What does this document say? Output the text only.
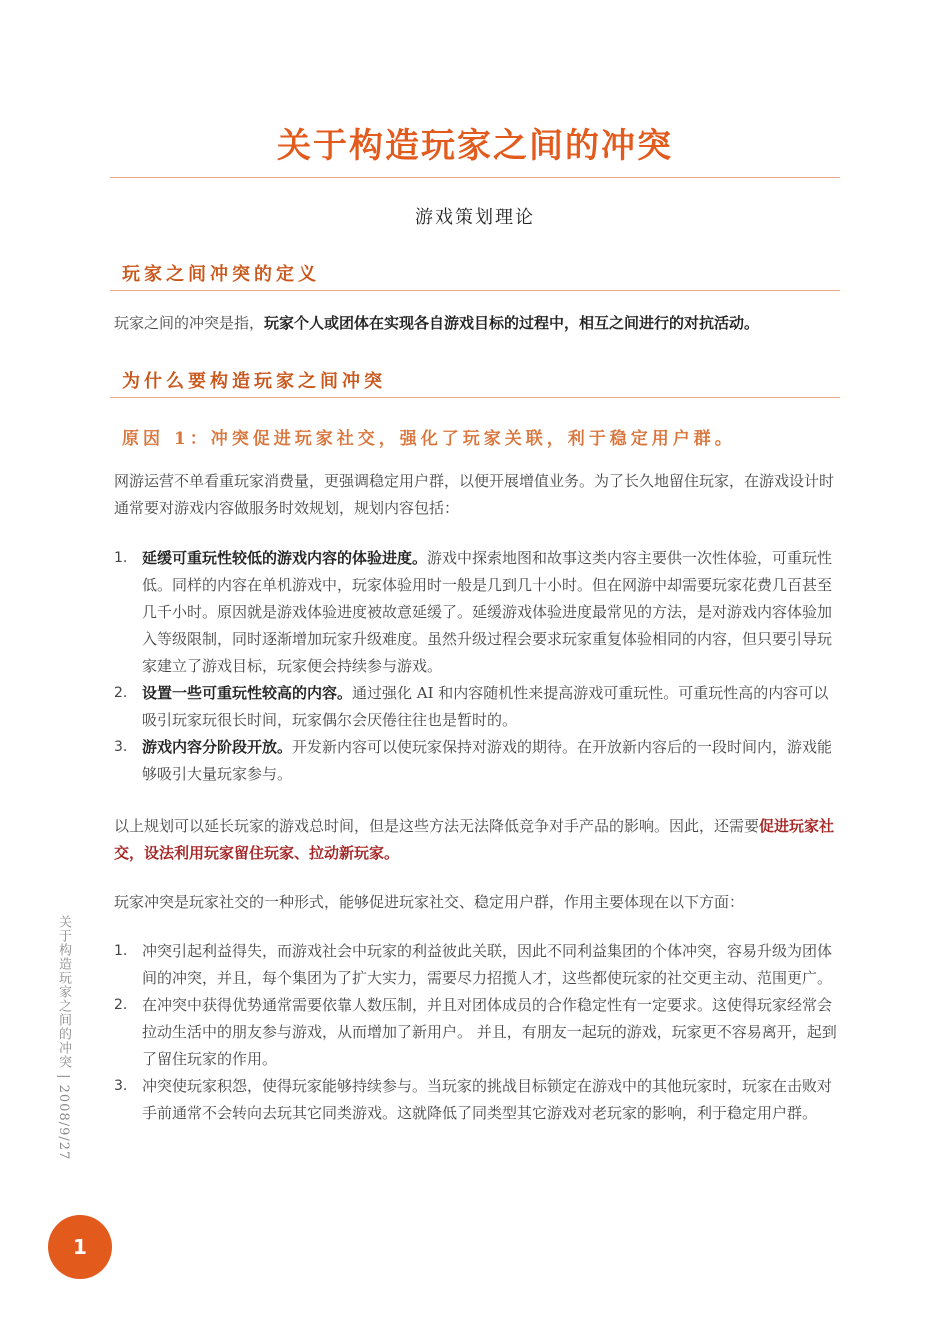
关于构造玩家之间的冲突
游戏策划理论
玩家之间冲突的定义

玩家之间的冲突是指，玩家个人或团体在实现各自游戏目标的过程中，相互之间进行的对抗活动。

为什么要构造玩家之间冲突
原因 1：冲突促进玩家社交，强化了玩家关联，利于稳定用户群。

网游运营不单看重玩家消费量，更强调稳定用户群，以便开展增值业务。为了长久地留住玩家，在游戏设计时通常要对游戏内容做服务时效规划，规划内容包括：

1. 延缓可重玩性较低的游戏内容的体验进度。游戏中探索地图和故事这类内容主要供一次性体验，可重玩性低。同样的内容在单机游戏中，玩家体验用时一般是几到几十小时。但在网游中却需要玩家花费几百甚至几千小时。原因就是游戏体验进度被故意延缓了。延缓游戏体验进度最常见的方法，是对游戏内容体验加入等级限制，同时逐渐增加玩家升级难度。虽然升级过程会要求玩家重复体验相同的内容，但只要引导玩家建立了游戏目标，玩家便会持续参与游戏。
2. 设置一些可重玩性较高的内容。通过强化 AI 和内容随机性来提高游戏可重玩性。可重玩性高的内容可以吸引玩家玩很长时间，玩家偶尔会厌倦往往也是暂时的。
3. 游戏内容分阶段开放。开发新内容可以使玩家保持对游戏的期待。在开放新内容后的一段时间内，游戏能够吸引大量玩家参与。

以上规划可以延长玩家的游戏总时间，但是这些方法无法降低竞争对手产品的影响。因此，还需要促进玩家社交，设法利用玩家留住玩家、拉动新玩家。

玩家冲突是玩家社交的一种形式，能够促进玩家社交、稳定用户群，作用主要体现在以下方面：

1. 冲突引起利益得失，而游戏社会中玩家的利益彼此关联，因此不同利益集团的个体冲突，容易升级为团体间的冲突，并且，每个集团为了扩大实力，需要尽力招揽人才，这些都使玩家的社交更主动、范围更广。
2. 在冲突中获得优势通常需要依靠人数压制，并且对团体成员的合作稳定性有一定要求。这使得玩家经常会拉动生活中的朋友参与游戏，从而增加了新用户。 并且，有朋友一起玩的游戏，玩家更不容易离开，起到了留住玩家的作用。
3. 冲突使玩家积怨，使得玩家能够持续参与。当玩家的挑战目标锁定在游戏中的其他玩家时，玩家在击败对手前通常不会转向去玩其它同类游戏。这就降低了同类型其它游戏对老玩家的影响，利于稳定用户群。
关于构造玩家之间的冲突 | 2008/9/27
1
